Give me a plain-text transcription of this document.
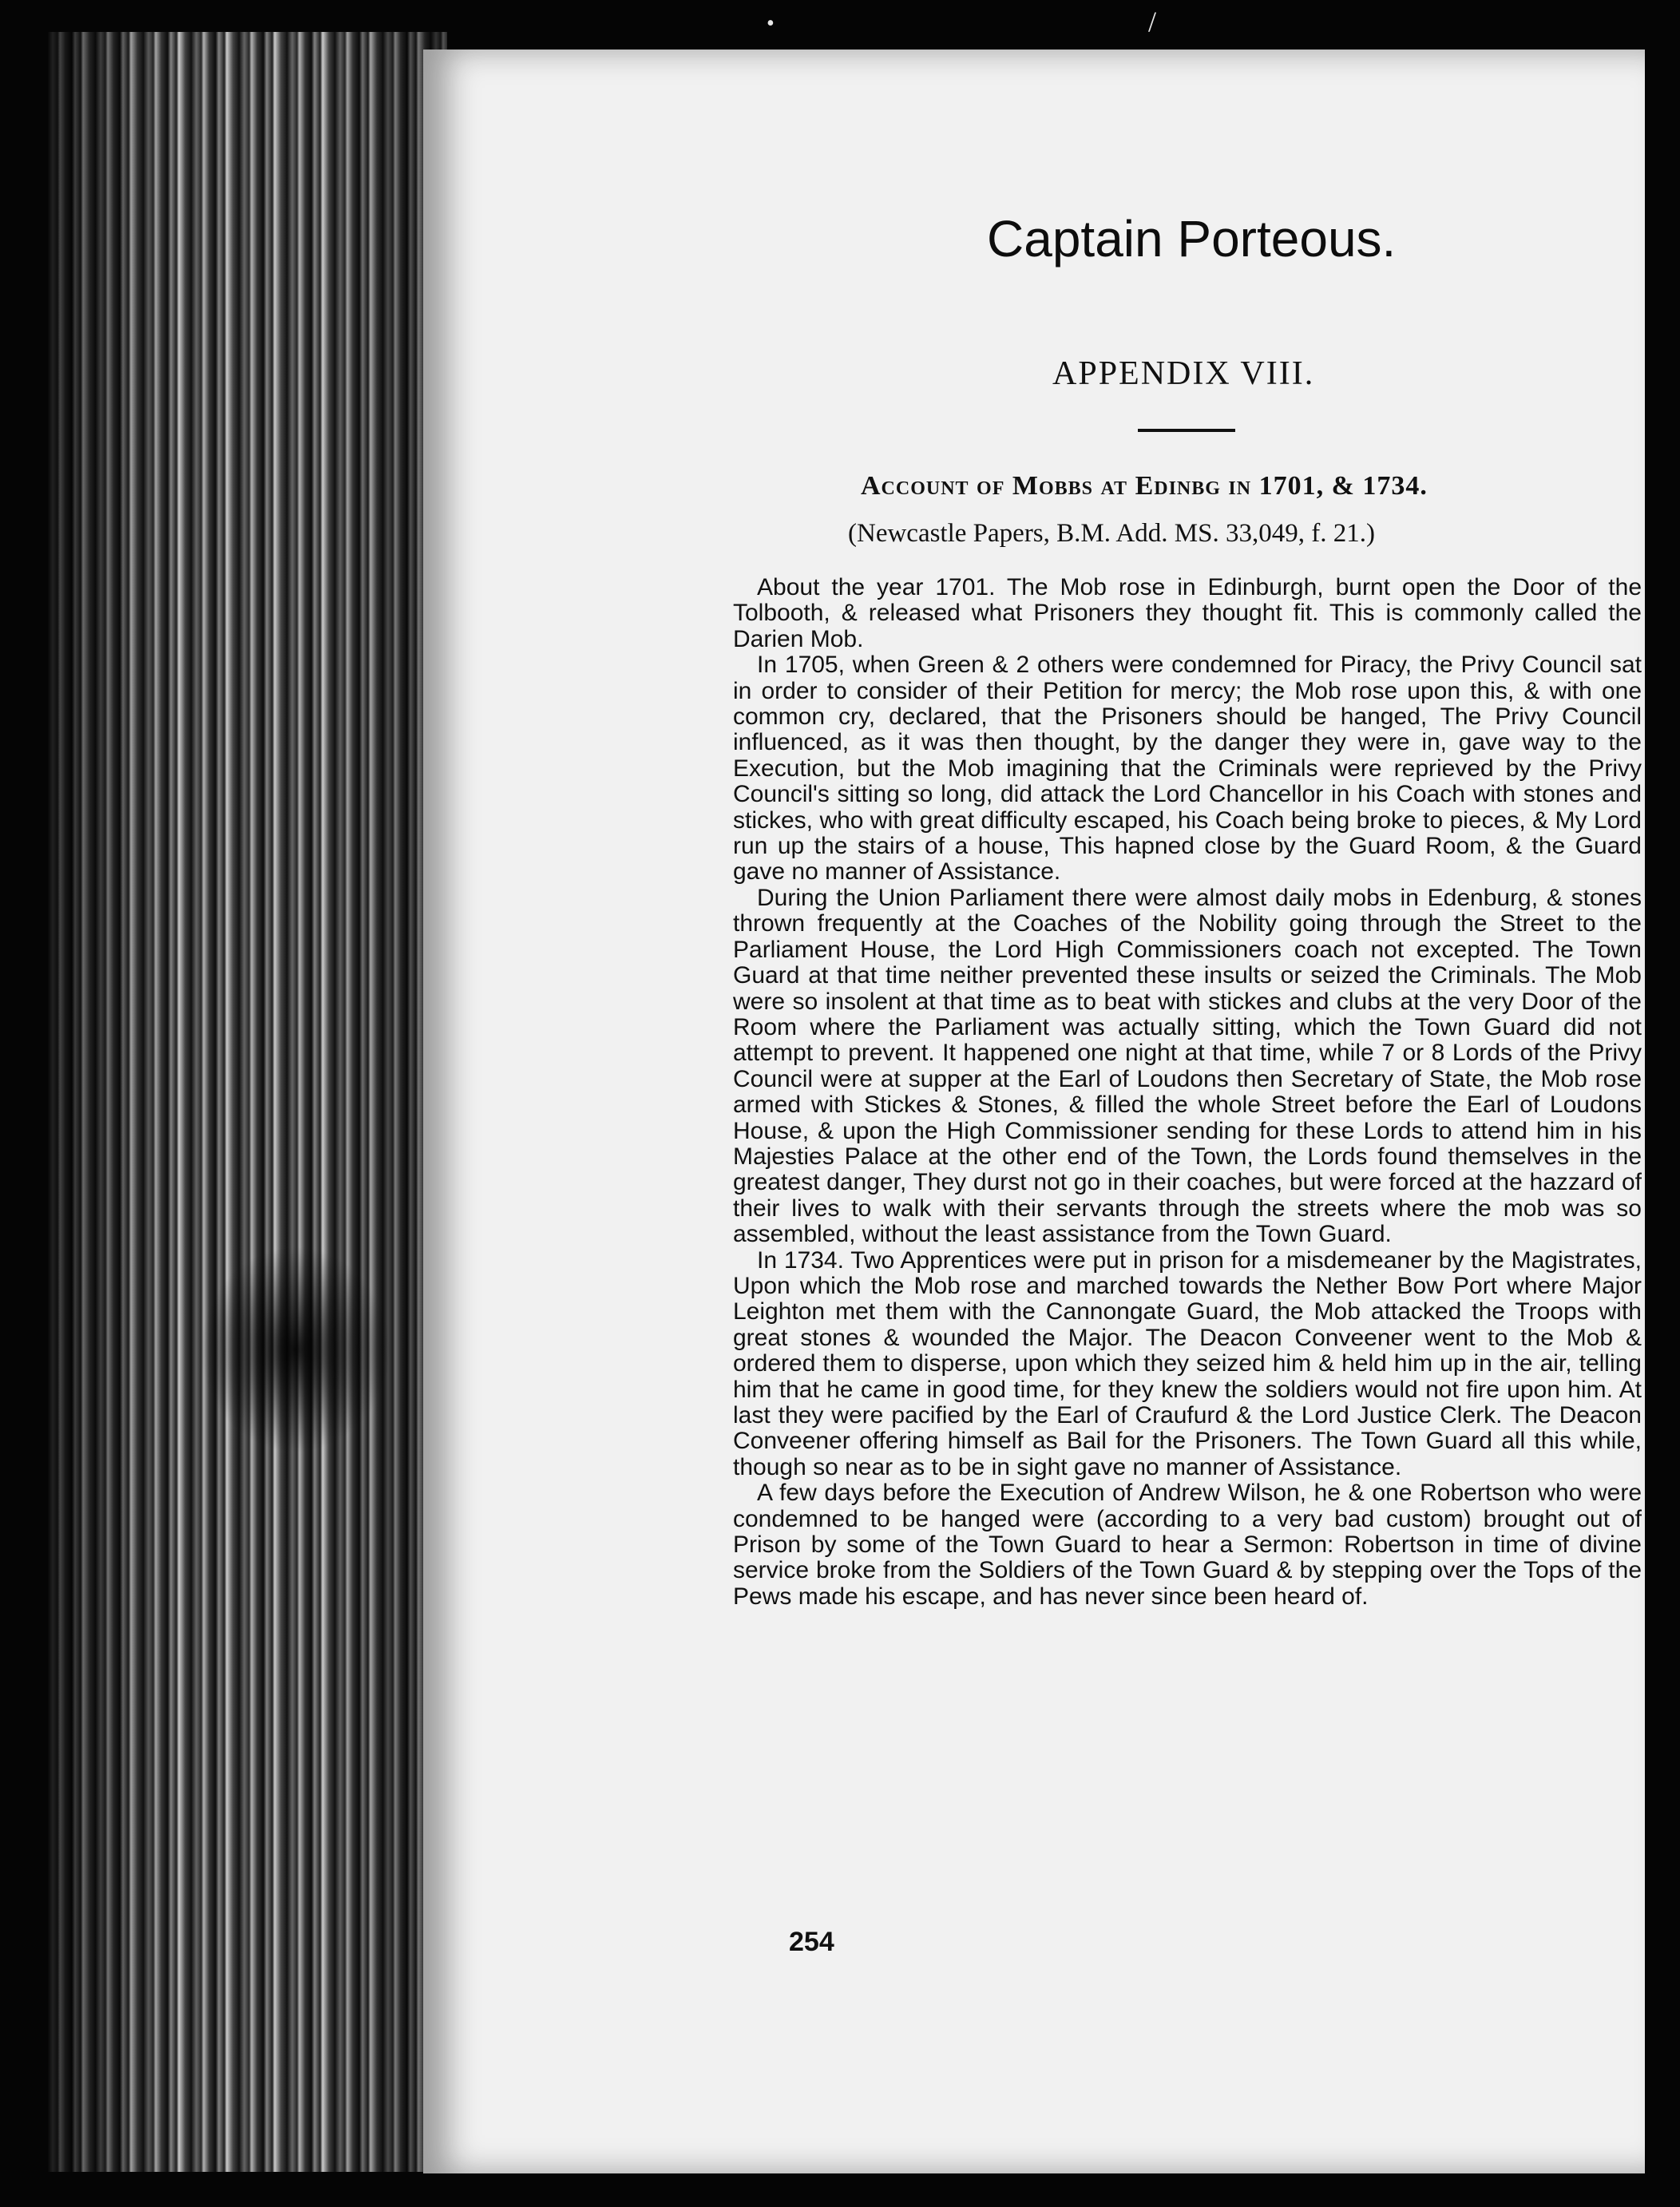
•	/
Captain Porteous.
APPENDIX VIII.
Account of Mobbs at Edinbg in 1701, & 1734.
(Newcastle Papers, B.M. Add. MS. 33,049, f. 21.)

About the year 1701. The Mob rose in Edinburgh, burnt open the Door of the Tolbooth, & released what Prisoners they thought fit. This is commonly called the Darien Mob.

In 1705, when Green & 2 others were condemned for Piracy, the Privy Council sat in order to consider of their Petition for mercy; the Mob rose upon this, & with one common cry, declared, that the Prisoners should be hanged, The Privy Council influenced, as it was then thought, by the danger they were in, gave way to the Execution, but the Mob imagining that the Criminals were reprieved by the Privy Council's sitting so long, did attack the Lord Chancellor in his Coach with stones and stickes, who with great difficulty escaped, his Coach being broke to pieces, & My Lord run up the stairs of a house, This hapned close by the Guard Room, & the Guard gave no manner of Assistance.

During the Union Parliament there were almost daily mobs in Edenburg, & stones thrown frequently at the Coaches of the Nobility going through the Street to the Parliament House, the Lord High Commissioners coach not excepted. The Town Guard at that time neither prevented these insults or seized the Criminals. The Mob were so insolent at that time as to beat with stickes and clubs at the very Door of the Room where the Parliament was actually sitting, which the Town Guard did not attempt to prevent. It happened one night at that time, while 7 or 8 Lords of the Privy Council were at supper at the Earl of Loudons then Secretary of State, the Mob rose armed with Stickes & Stones, & filled the whole Street before the Earl of Loudons House, & upon the High Commissioner sending for these Lords to attend him in his Majesties Palace at the other end of the Town, the Lords found themselves in the greatest danger, They durst not go in their coaches, but were forced at the hazzard of their lives to walk with their servants through the streets where the mob was so assembled, without the least assistance from the Town Guard.

In 1734. Two Apprentices were put in prison for a misdemeaner by the Magistrates, Upon which the Mob rose and marched towards the Nether Bow Port where Major Leighton met them with the Cannongate Guard, the Mob attacked the Troops with great stones & wounded the Major. The Deacon Conveener went to the Mob & ordered them to disperse, upon which they seized him & held him up in the air, telling him that he came in good time, for they knew the soldiers would not fire upon him. At last they were pacified by the Earl of Craufurd & the Lord Justice Clerk. The Deacon Conveener offering himself as Bail for the Prisoners. The Town Guard all this while, though so near as to be in sight gave no manner of Assistance.

A few days before the Execution of Andrew Wilson, he & one Robertson who were condemned to be hanged were (according to a very bad custom) brought out of Prison by some of the Town Guard to hear a Sermon: Robertson in time of divine service broke from the Soldiers of the Town Guard & by stepping over the Tops of the Pews made his escape, and has never since been heard of.

254
